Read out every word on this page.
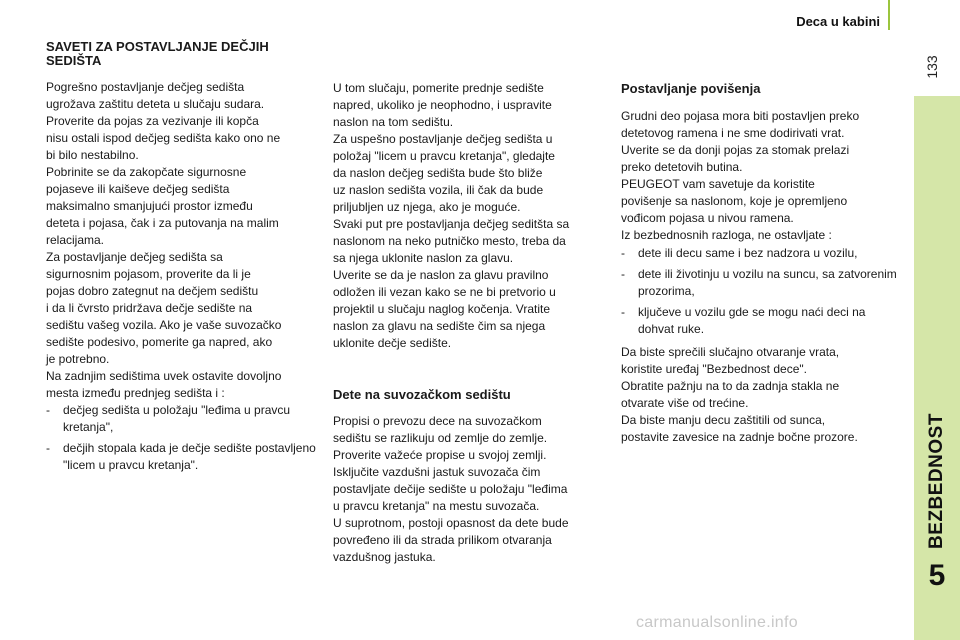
Deca u kabini
133
BEZBEDNOST
5
SAVETI ZA POSTAVLJANJE DEČJIH SEDIŠTA

Pogrešno postavljanje dečjeg sedišta
ugrožava zaštitu deteta u slučaju sudara.
Proverite da pojas za vezivanje ili kopča
nisu ostali ispod dečjeg sedišta kako ono ne
bi bilo nestabilno.
Pobrinite se da zakopčate sigurnosne
pojaseve ili kaiševe dečjeg sedišta
maksimalno smanjujući prostor između
deteta i pojasa, čak i za putovanja na malim
relacijama.
Za postavljanje dečjeg sedišta sa
sigurnosnim pojasom, proverite da li je
pojas dobro zategnut na dečjem sedištu
i da li čvrsto pridržava dečje sedište na
sedištu vašeg vozila. Ako je vaše suvozačko
sedište podesivo, pomerite ga napred, ako
je potrebno.
Na zadnjim sedištima uvek ostavite dovoljno
mesta između prednjeg sedišta i :

- dečjeg sedišta u položaju "leđima u pravcu kretanja",
- dečjih stopala kada je dečje sedište postavljeno "licem u pravcu kretanja".

U tom slučaju, pomerite prednje sedište
napred, ukoliko je neophodno, i uspravite
naslon na tom sedištu.
Za uspešno postavljanje dečjeg sedišta u
položaj "licem u pravcu kretanja", gledajte
da naslon dečjeg sedišta bude što bliže
uz naslon sedišta vozila, ili čak da bude
priljubljen uz njega, ako je moguće.
Svaki put pre postavljanja dečjeg seditšta sa
naslonom na neko putničko mesto, treba da
sa njega uklonite naslon za glavu.
Uverite se da je naslon za glavu pravilno
odložen ili vezan kako se ne bi pretvorio u
projektil u slučaju naglog kočenja. Vratite
naslon za glavu na sedište čim sa njega
uklonite dečje sedište.

Dete na suvozačkom sedištu

Propisi o prevozu dece na suvozačkom
sedištu se razlikuju od zemlje do zemlje.
Proverite važeće propise u svojoj zemlji.
Isključite vazdušni jastuk suvozača čim
postavljate dečije sedište u položaju "leđima
u pravcu kretanja" na mestu suvozača.
U suprotnom, postoji opasnost da dete bude
povređeno ili da strada prilikom otvaranja
vazdušnog jastuka.

Postavljanje povišenja

Grudni deo pojasa mora biti postavljen preko
detetovog ramena i ne sme dodirivati vrat.
Uverite se da donji pojas za stomak prelazi
preko detetovih butina.
PEUGEOT vam savetuje da koristite
povišenje sa naslonom, koje je opremljeno
vođicom pojasa u nivou ramena.
Iz bezbednosnih razloga, ne ostavljate :

- dete ili decu same i bez nadzora u vozilu,
- dete ili životinju u vozilu na suncu, sa zatvorenim prozorima,
- ključeve u vozilu gde se mogu naći deci na dohvat ruke.

Da biste sprečili slučajno otvaranje vrata,
koristite uređaj "Bezbednost dece".
Obratite pažnju na to da zadnja stakla ne
otvarate više od trećine.
Da biste manju decu zaštitili od sunca,
postavite zavesice na zadnje bočne prozore.

carmanualsonline.info
